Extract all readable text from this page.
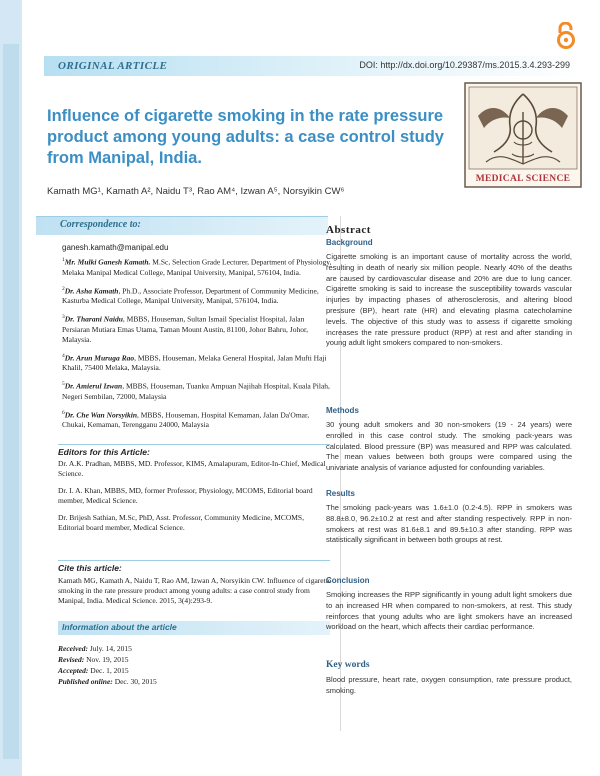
ORIGINAL ARTICLE	DOI: http://dx.doi.org/10.29387/ms.2015.3.4.293-299
Influence of cigarette smoking in the rate pressure product among young adults: a case control study from Manipal, India.
MEDICAL SCIENCE
Kamath MG¹, Kamath A², Naidu T³, Rao AM⁴, Izwan A⁵, Norsyikin CW⁶
Correspondence to:
ganesh.kamath@manipal.edu

$^1$Mr. Mulki Ganesh Kamath. M.Sc, Selection Grade Lecturer, Department of Physiology, Melaka Manipal Medical College, Manipal University, Manipal, 576104, India.

$^2$Dr. Asha Kamath, Ph.D., Associate Professor, Department of Community Medicine, Kasturba Medical College, Manipal University, Manipal, 576104, India.

$^3$Dr. Tharani Naidu, MBBS, Houseman, Sultan Ismail Specialist Hospital, Jalan Persiaran Mutiara Emas Utama, Taman Mount Austin, 81100, Johor Bahru, Johor, Malaysia.

$^4$Dr. Arun Muruga Rao, MBBS, Houseman, Melaka General Hospital, Jalan Mufti Haji Khalil, 75400 Melaka, Malaysia.

$^5$Dr. Amierul Izwan, MBBS, Houseman, Tuanku Ampuan Najihah Hospital, Kuala Pilah, Negeri Sembilan, 72000, Malaysia

$^6$Dr. Che Wan Norsyikin, MBBS, Houseman, Hospital Kemaman, Jalan Da'Omar, Chukai, Kemaman, Terengganu 24000, Malaysia

Editors for this Article:

Dr. A.K. Pradhan, MBBS, MD. Professor, KIMS, Amalapuram, Editor-In-Chief, Medical Science.

Dr. I. A. Khan, MBBS, MD, former Professor, Physiology, MCOMS, Editorial board member, Medical Science.

Dr. Brijesh Sathian, M.Sc, PhD, Asst. Professor, Community Medicine, MCOMS, Editorial board member, Medical Science.

Cite this article:

Kamath MG, Kamath A, Naidu T, Rao AM, Izwan A, Norsyikin CW. Influence of cigarette smoking in the rate pressure product among young adults: a case control study from Manipal, India. Medical Science. 2015, 3(4):293-9.

Information about the article
Received: July. 14, 2015
Revised: Nov. 19, 2015
Accepted: Dec. 1, 2015
Published online: Dec. 30, 2015
Abstract
Background
Cigarette smoking is an important cause of mortality across the world, resulting in death of nearly six million people. Nearly 40% of the deaths are caused by cardiovascular disease and 20% are due to lung cancer. Cigarette smoking is said to increase the susceptibility towards vascular injuries by impacting phases of atherosclerosis, and altering blood pressure (BP), heart rate (HR) and elevating plasma catecholamine levels. The objective of this study was to assess if cigarette smoking increases the rate pressure product (RPP) at rest and after standing in young adult light smokers compared to non-smokers.
Methods
30 young adult smokers and 30 non-smokers (19 - 24 years) were enrolled in this case control study. The smoking pack-years was calculated. Blood pressure (BP) was measured and RPP was calculated. The mean values between both groups were compared using the univariate analysis of variance adjusted for confounding variables.
Results
The smoking pack-years was 1.6±1.0 (0.2-4.5). RPP in smokers was 88.8±8.0, 96.2±10.2 at rest and after standing respectively. RPP in non-smokers at rest was 81.6±8.1 and 89.5±10.3 after standing. RPP was statistically significant in between both groups at rest.
Conclusion
Smoking increases the RPP significantly in young adult light smokers due to an increased HR when compared to non-smokers, at rest. This study reinforces that young adults who are light smokers have an increased workload on the heart, which affects their cardiac performance.
Key words
Blood pressure, heart rate, oxygen consumption, rate pressure product, smoking.
